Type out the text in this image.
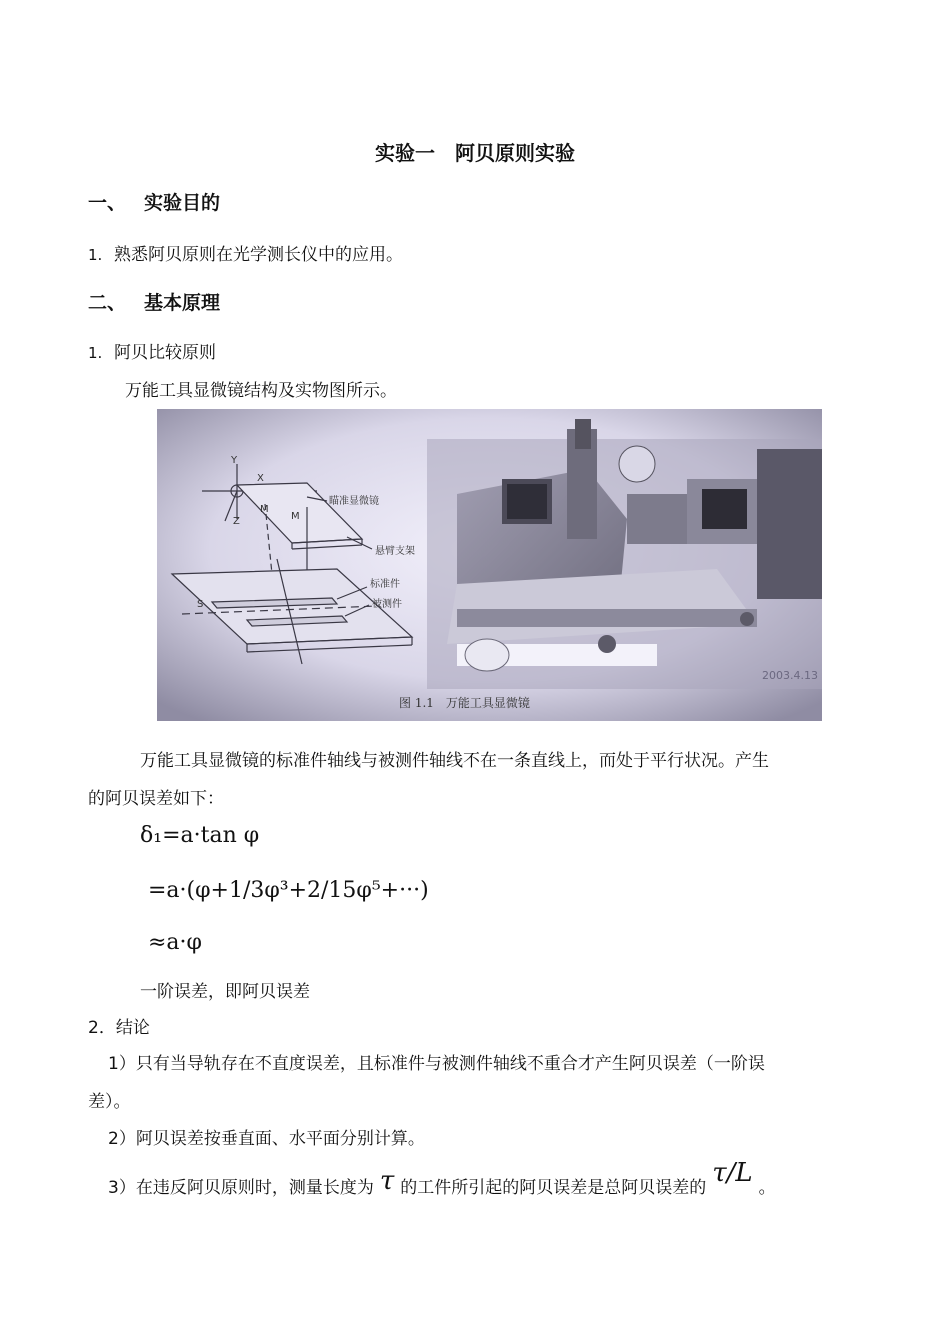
实验一　阿贝原则实验
一、 实验目的
1. 熟悉阿贝原则在光学测长仪中的应用。
二、 基本原理
1. 阿贝比较原则
万能工具显微镜结构及实物图所示。
Y
X
Z
M
M
瞄准显微镜
悬臂支架
标准件
被测件
S
2003.4.13
图 1.1　万能工具显微镜
万能工具显微镜的标准件轴线与被测件轴线不在一条直线上，而处于平行状况。产生
的阿贝误差如下：
δ₁=a·tan φ
=a·(φ+1/3φ³+2/15φ⁵+···)
≈a·φ
一阶误差，即阿贝误差
2．结论
1）只有当导轨存在不直度误差，且标准件与被测件轴线不重合才产生阿贝误差（一阶误
差）。
2）阿贝误差按垂直面、水平面分别计算。
3）在违反阿贝原则时，测量长度为 τ 的工件所引起的阿贝误差是总阿贝误差的 τ/L 。
